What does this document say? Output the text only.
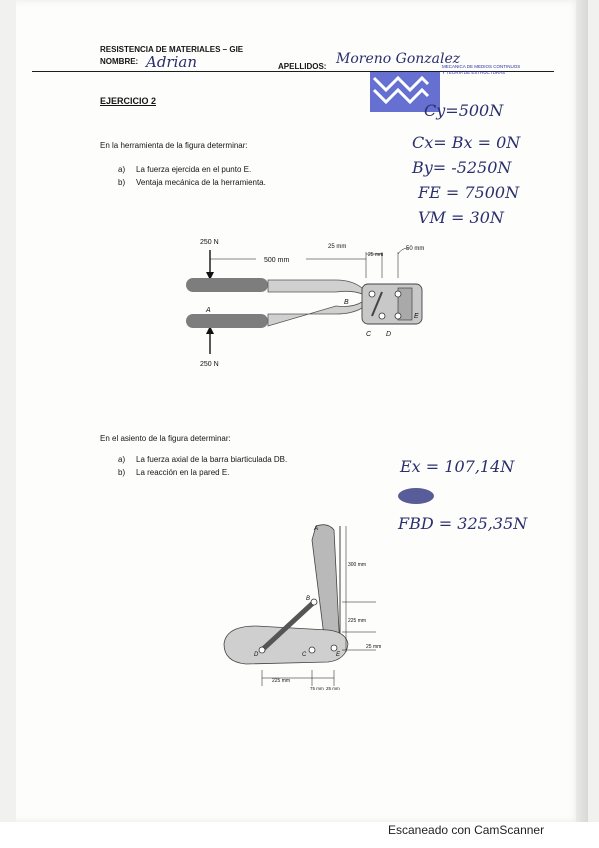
RESISTENCIA DE MATERIALES – GIE
NOMBRE: Adrian	APELLIDOS: Moreno Gonzalez
MECANICA DE MEDIOS CONTINUOS
Y TEORIA DE ESTRUCTURAS
EJERCICIO 2
En la herramienta de la figura determinar:
a) La fuerza ejercida en el punto E.
b) Ventaja mecánica de la herramienta.
Cy=500N
Cx= Bx = 0N
By= -5250N
FE = 7500N
VM = 30N
250 N
250 N
500 mm
25 mm
25 mm
50 mm
A
B
C D
E
En el asiento de la figura determinar:
a) La fuerza axial de la barra biarticulada DB.
b) La reacción en la pared E.	Ex = 107,14N
FBD = 325,35N
300 mm
225 mm
25 mm
225 mm
75 mm 25 mm
A
B
C
D	E
Escaneado con CamScanner
